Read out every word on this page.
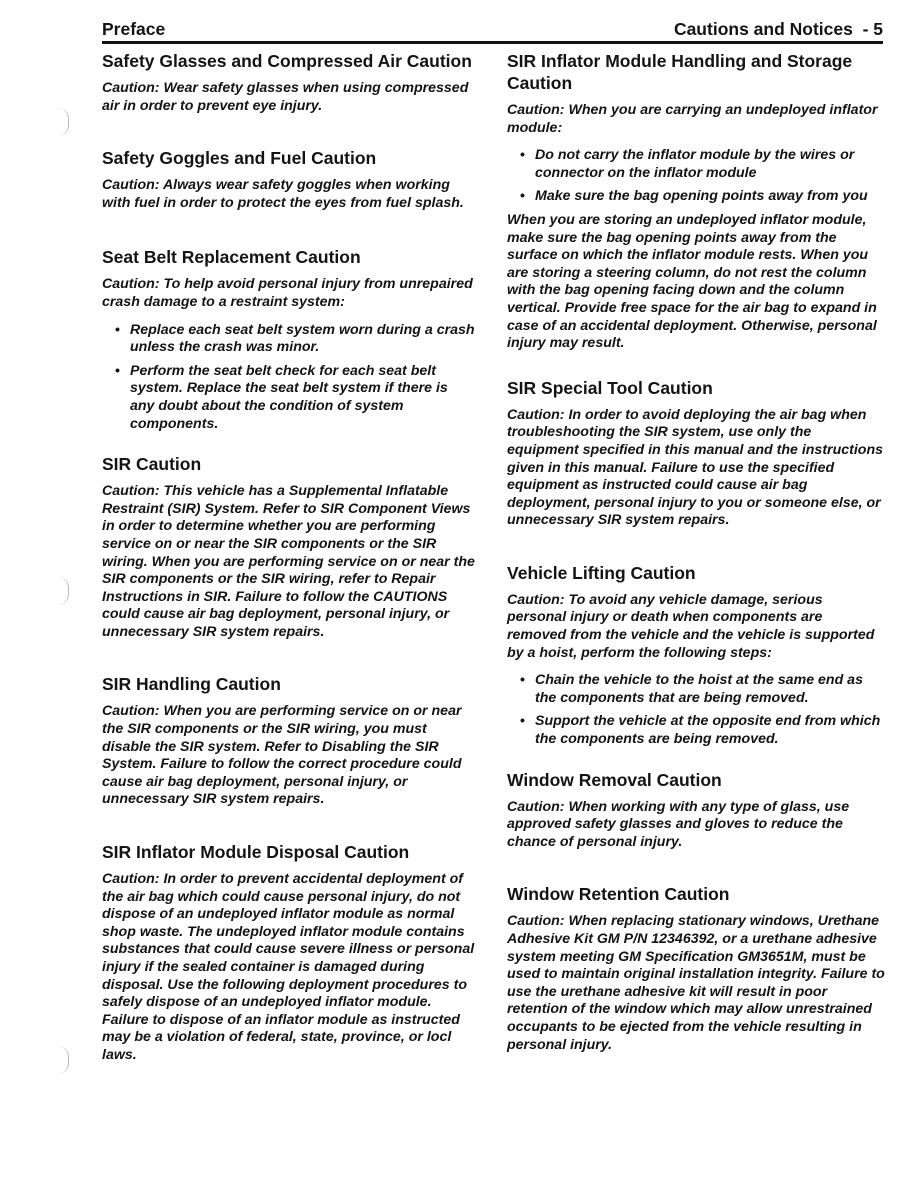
Preface	Cautions and Notices  - 5
Safety Glasses and Compressed Air Caution

Caution: Wear safety glasses when using compressed air in order to prevent eye injury.

Safety Goggles and Fuel Caution

Caution: Always wear safety goggles when working with fuel in order to protect the eyes from fuel splash.

Seat Belt Replacement Caution

Caution: To help avoid personal injury from unrepaired crash damage to a restraint system:

• Replace each seat belt system worn during a crash unless the crash was minor.
• Perform the seat belt check for each seat belt system. Replace the seat belt system if there is any doubt about the condition of system components.
SIR Caution

Caution: This vehicle has a Supplemental Inflatable Restraint (SIR) System. Refer to SIR Component Views in order to determine whether you are performing service on or near the SIR components or the SIR wiring. When you are performing service on or near the SIR components or the SIR wiring, refer to Repair Instructions in SIR. Failure to follow the CAUTIONS could cause air bag deployment, personal injury, or unnecessary SIR system repairs.

SIR Handling Caution

Caution: When you are performing service on or near the SIR components or the SIR wiring, you must disable the SIR system. Refer to Disabling the SIR System. Failure to follow the correct procedure could cause air bag deployment, personal injury, or unnecessary SIR system repairs.

SIR Inflator Module Disposal Caution

Caution: In order to prevent accidental deployment of the air bag which could cause personal injury, do not dispose of an undeployed inflator module as normal shop waste. The undeployed inflator module contains substances that could cause severe illness or personal injury if the sealed container is damaged during disposal. Use the following deployment procedures to safely dispose of an undeployed inflator module. Failure to dispose of an inflator module as instructed may be a violation of federal, state, province, or locl laws.

SIR Inflator Module Handling and Storage Caution

Caution: When you are carrying an undeployed inflator module:

• Do not carry the inflator module by the wires or connector on the inflator module
• Make sure the bag opening points away from you

When you are storing an undeployed inflator module, make sure the bag opening points away from the surface on which the inflator module rests. When you are storing a steering column, do not rest the column with the bag opening facing down and the column vertical. Provide free space for the air bag to expand in case of an accidental deployment. Otherwise, personal injury may result.

SIR Special Tool Caution

Caution: In order to avoid deploying the air bag when troubleshooting the SIR system, use only the equipment specified in this manual and the instructions given in this manual. Failure to use the specified equipment as instructed could cause air bag deployment, personal injury to you or someone else, or unnecessary SIR system repairs.

Vehicle Lifting Caution

Caution: To avoid any vehicle damage, serious personal injury or death when components are removed from the vehicle and the vehicle is supported by a hoist, perform the following steps:

• Chain the vehicle to the hoist at the same end as the components that are being removed.
• Support the vehicle at the opposite end from which the components are being removed.
Window Removal Caution

Caution: When working with any type of glass, use approved safety glasses and gloves to reduce the chance of personal injury.

Window Retention Caution

Caution: When replacing stationary windows, Urethane Adhesive Kit GM P/N 12346392, or a urethane adhesive system meeting GM Specification GM3651M, must be used to maintain original installation integrity. Failure to use the urethane adhesive kit will result in poor retention of the window which may allow unrestrained occupants to be ejected from the vehicle resulting in personal injury.
